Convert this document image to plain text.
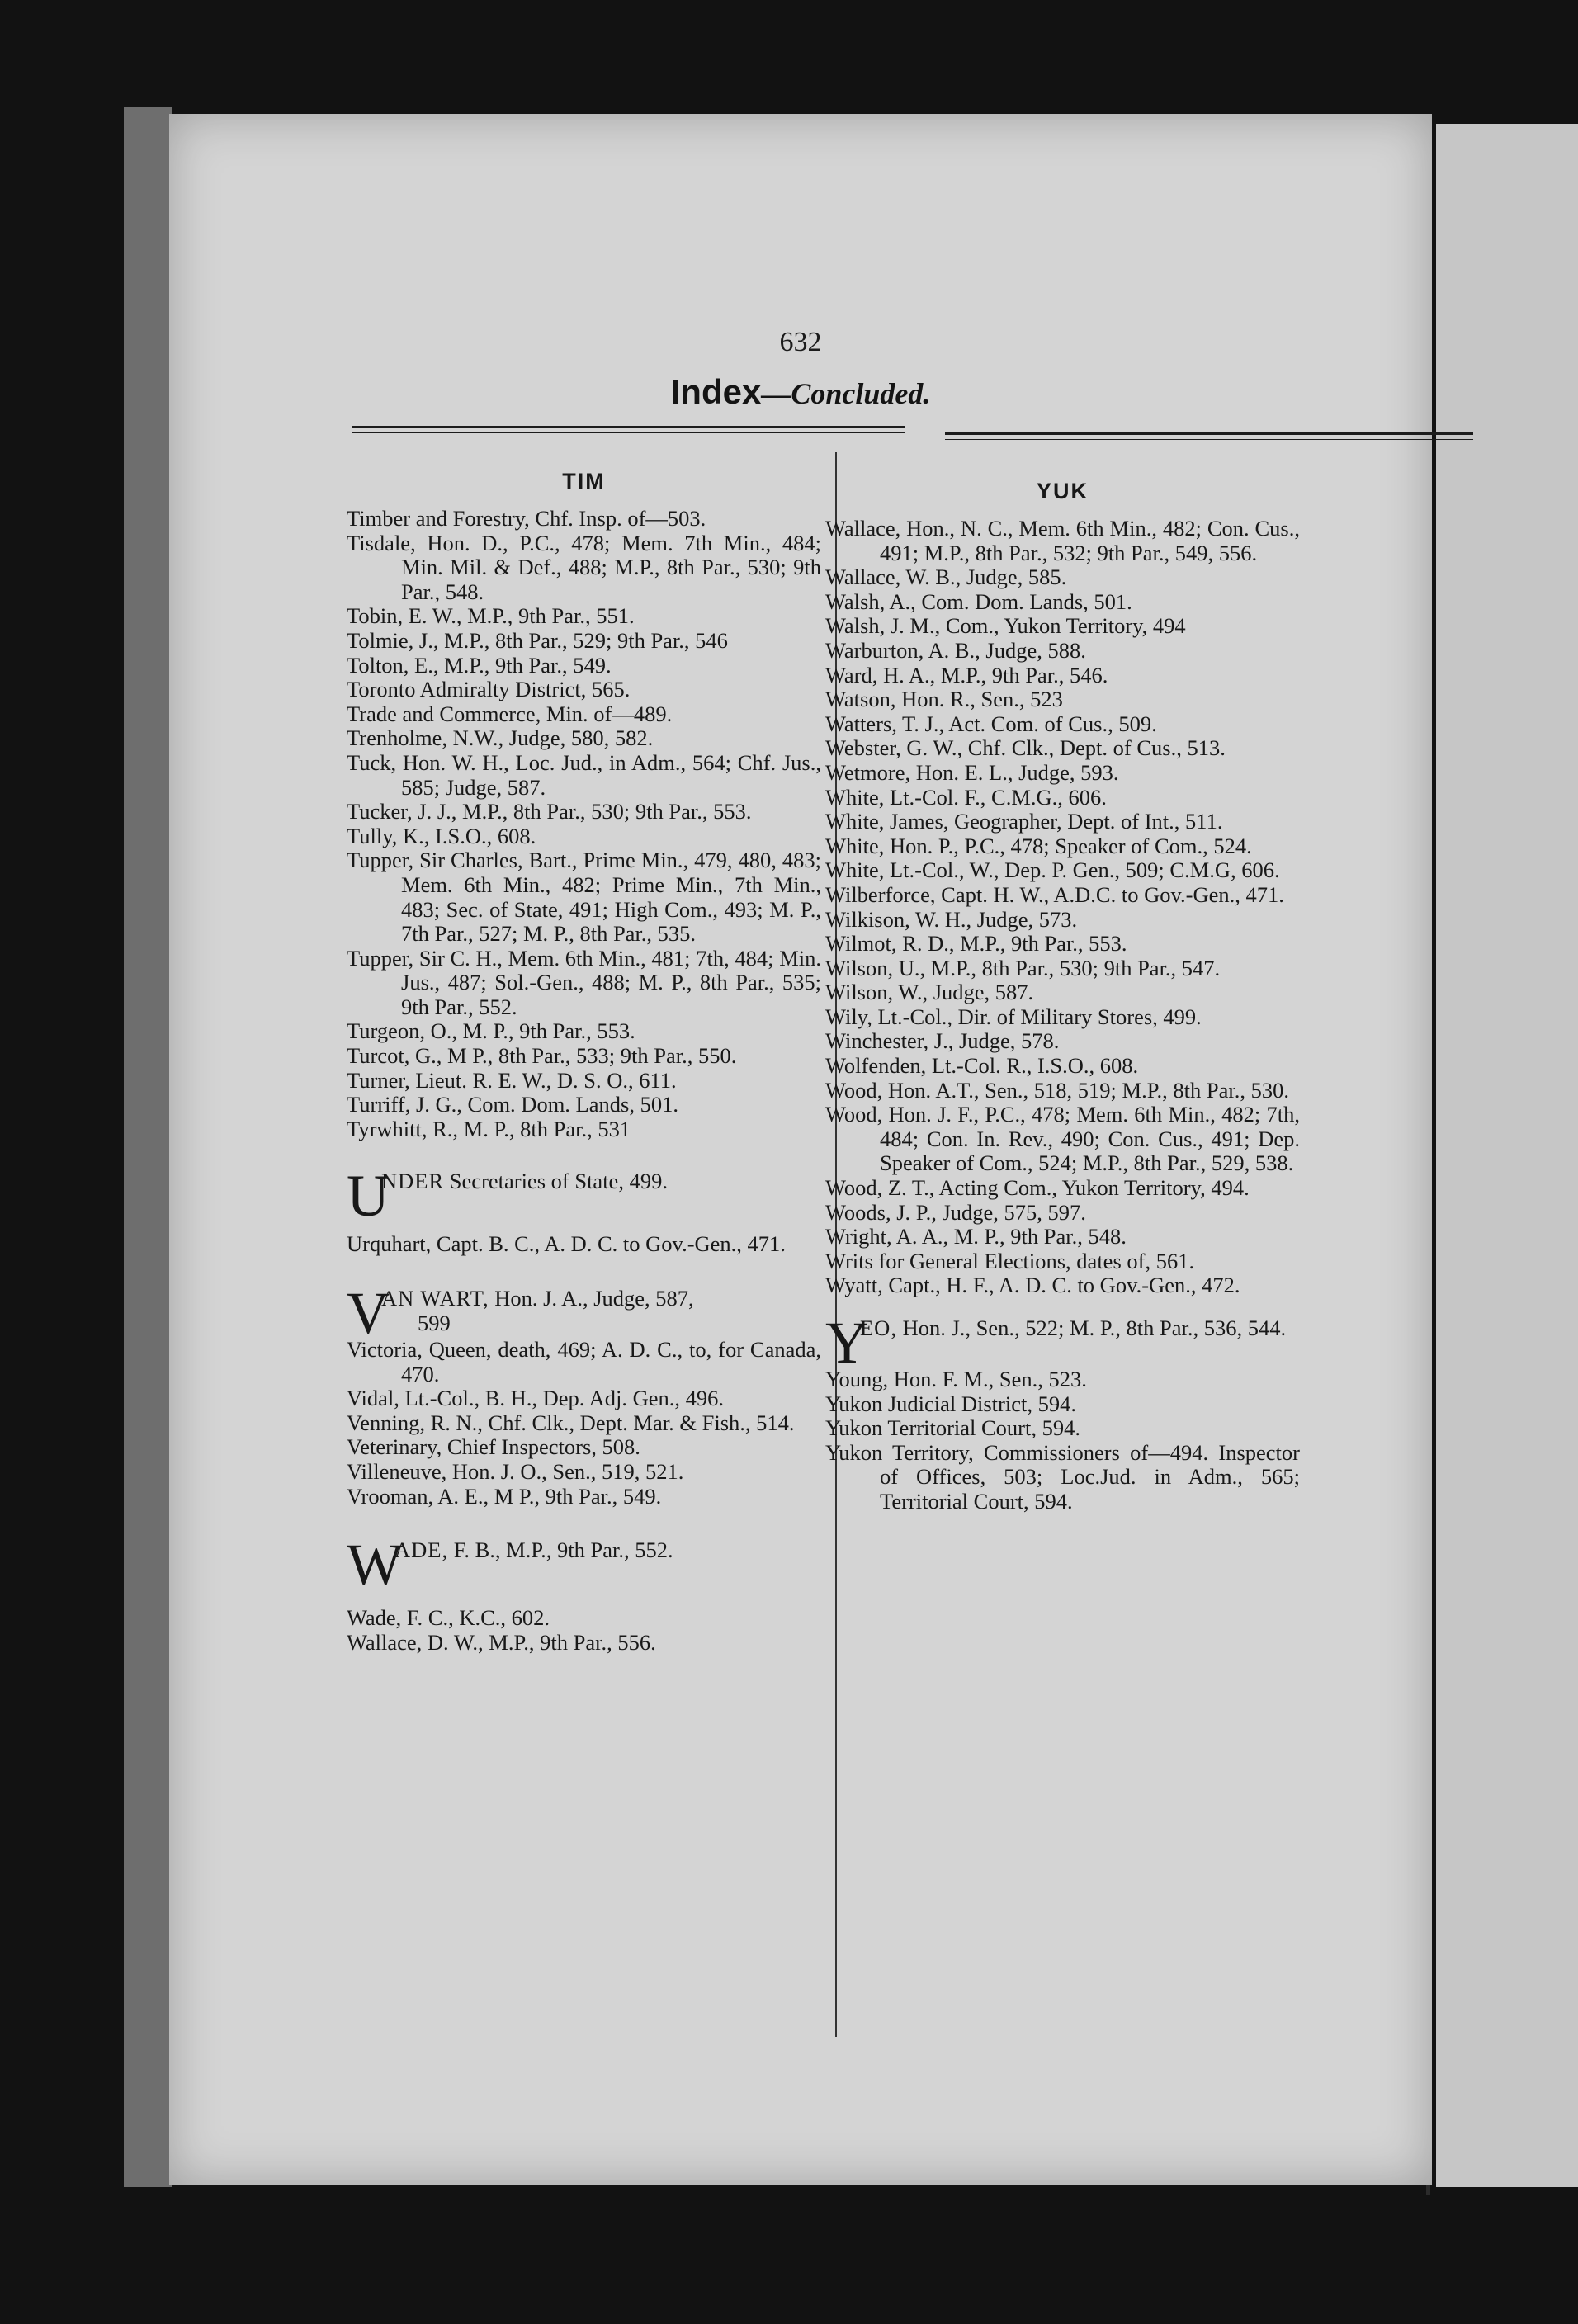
632
Index—Concluded.
TIM

Timber and Forestry, Chf. Insp. of—503.

Tisdale, Hon. D., P.C., 478; Mem. 7th Min., 484; Min. Mil. & Def., 488; M.P., 8th Par., 530; 9th Par., 548.

Tobin, E. W., M.P., 9th Par., 551.

Tolmie, J., M.P., 8th Par., 529; 9th Par., 546

Tolton, E., M.P., 9th Par., 549.

Toronto Admiralty District, 565.

Trade and Commerce, Min. of—489.

Trenholme, N.W., Judge, 580, 582.

Tuck, Hon. W. H., Loc. Jud., in Adm., 564; Chf. Jus., 585; Judge, 587.

Tucker, J. J., M.P., 8th Par., 530; 9th Par., 553.

Tully, K., I.S.O., 608.

Tupper, Sir Charles, Bart., Prime Min., 479, 480, 483; Mem. 6th Min., 482; Prime Min., 7th Min., 483; Sec. of State, 491; High Com., 493; M. P., 7th Par., 527; M. P., 8th Par., 535.

Tupper, Sir C. H., Mem. 6th Min., 481; 7th, 484; Min. Jus., 487; Sol.-Gen., 488; M. P., 8th Par., 535; 9th Par., 552.

Turgeon, O., M. P., 9th Par., 553.

Turcot, G., M P., 8th Par., 533; 9th Par., 550.

Turner, Lieut. R. E. W., D. S. O., 611.

Turriff, J. G., Com. Dom. Lands, 501.

Tyrwhitt, R., M. P., 8th Par., 531

U
NDER Secretaries of State, 499.

Urquhart, Capt. B. C., A. D. C. to Gov.-Gen., 471.

V
AN WART, Hon. J. A., Judge, 587,
599

Victoria, Queen, death, 469; A. D. C., to, for Canada, 470.

Vidal, Lt.-Col., B. H., Dep. Adj. Gen., 496.

Venning, R. N., Chf. Clk., Dept. Mar. & Fish., 514.

Veterinary, Chief Inspectors, 508.

Villeneuve, Hon. J. O., Sen., 519, 521.

Vrooman, A. E., M P., 9th Par., 549.

W
ADE, F. B., M.P., 9th Par., 552.

Wade, F. C., K.C., 602.

Wallace, D. W., M.P., 9th Par., 556.

YUK

Wallace, Hon., N. C., Mem. 6th Min., 482; Con. Cus., 491; M.P., 8th Par., 532; 9th Par., 549, 556.

Wallace, W. B., Judge, 585.

Walsh, A., Com. Dom. Lands, 501.

Walsh, J. M., Com., Yukon Territory, 494

Warburton, A. B., Judge, 588.

Ward, H. A., M.P., 9th Par., 546.

Watson, Hon. R., Sen., 523

Watters, T. J., Act. Com. of Cus., 509.

Webster, G. W., Chf. Clk., Dept. of Cus., 513.

Wetmore, Hon. E. L., Judge, 593.

White, Lt.-Col. F., C.M.G., 606.

White, James, Geographer, Dept. of Int., 511.

White, Hon. P., P.C., 478; Speaker of Com., 524.

White, Lt.-Col., W., Dep. P. Gen., 509; C.M.G, 606.

Wilberforce, Capt. H. W., A.D.C. to Gov.-Gen., 471.

Wilkison, W. H., Judge, 573.

Wilmot, R. D., M.P., 9th Par., 553.

Wilson, U., M.P., 8th Par., 530; 9th Par., 547.

Wilson, W., Judge, 587.

Wily, Lt.-Col., Dir. of Military Stores, 499.

Winchester, J., Judge, 578.

Wolfenden, Lt.-Col. R., I.S.O., 608.

Wood, Hon. A.T., Sen., 518, 519; M.P., 8th Par., 530.

Wood, Hon. J. F., P.C., 478; Mem. 6th Min., 482; 7th, 484; Con. In. Rev., 490; Con. Cus., 491; Dep. Speaker of Com., 524; M.P., 8th Par., 529, 538.

Wood, Z. T., Acting Com., Yukon Territory, 494.

Woods, J. P., Judge, 575, 597.

Wright, A. A., M. P., 9th Par., 548.

Writs for General Elections, dates of, 561.

Wyatt, Capt., H. F., A. D. C. to Gov.-Gen., 472.

Y
EO, Hon. J., Sen., 522; M. P., 8th Par., 536, 544.

Young, Hon. F. M., Sen., 523.

Yukon Judicial District, 594.

Yukon Territorial Court, 594.

Yukon Territory, Commissioners of—494. Inspector of Offices, 503; Loc.Jud. in Adm., 565; Territorial Court, 594.
